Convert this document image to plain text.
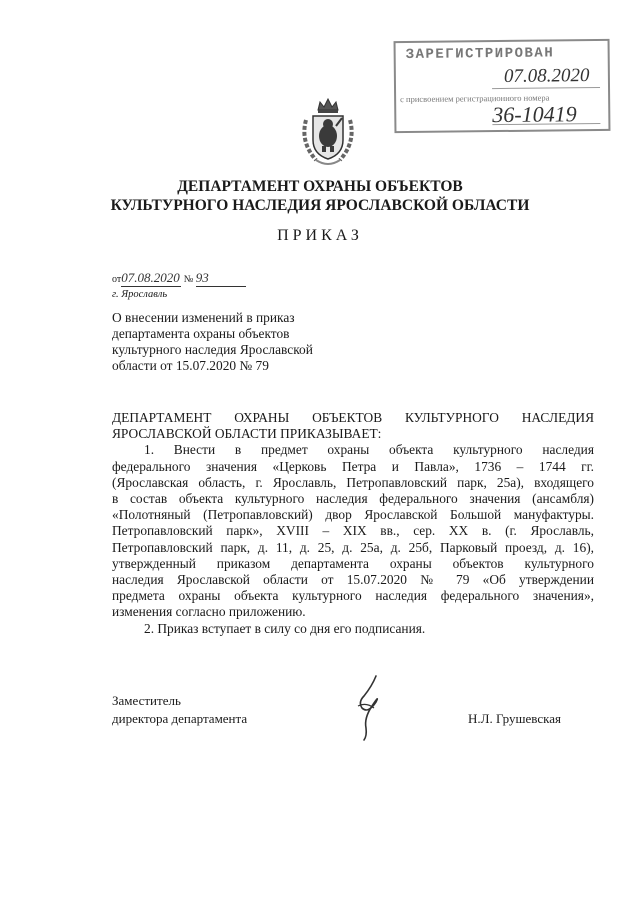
ЗАРЕГИСТРИРОВАН
07.08.2020
с присвоением регистрационного номера
36-10419
ДЕПАРТАМЕНТ ОХРАНЫ ОБЪЕКТОВ
КУЛЬТУРНОГО НАСЛЕДИЯ ЯРОСЛАВСКОЙ ОБЛАСТИ
ПРИКАЗ
от07.08.2020 № 93
г. Ярославль
О внесении изменений в приказ
департамента охраны объектов
культурного наследия Ярославской
области от 15.07.2020 № 79

ДЕПАРТАМЕНТ ОХРАНЫ ОБЪЕКТОВ КУЛЬТУРНОГО НАСЛЕДИЯ

ЯРОСЛАВСКОЙ ОБЛАСТИ ПРИКАЗЫВАЕТ:

1. Внести в предмет охраны объекта культурного наследия

федерального значения «Церковь Петра и Павла», 1736 – 1744 гг.

(Ярославская область, г. Ярославль, Петропавловский парк, 25а), входящего

в состав объекта культурного наследия федерального значения (ансамбля)

«Полотняный (Петропавловский) двор Ярославской Большой мануфактуры.

Петропавловский парк», XVIII – XIX вв., сер. XX в. (г. Ярославль,

Петропавловский парк, д. 11, д. 25, д. 25а, д. 25б, Парковый проезд, д. 16),

утвержденный приказом департамента охраны объектов культурного

наследия Ярославской области от 15.07.2020 № 79 «Об утверждении

предмета охраны объекта культурного наследия федерального значения»,

изменения согласно приложению.

2. Приказ вступает в силу со дня его подписания.

Заместитель
директора департамента	Н.Л. Грушевская
